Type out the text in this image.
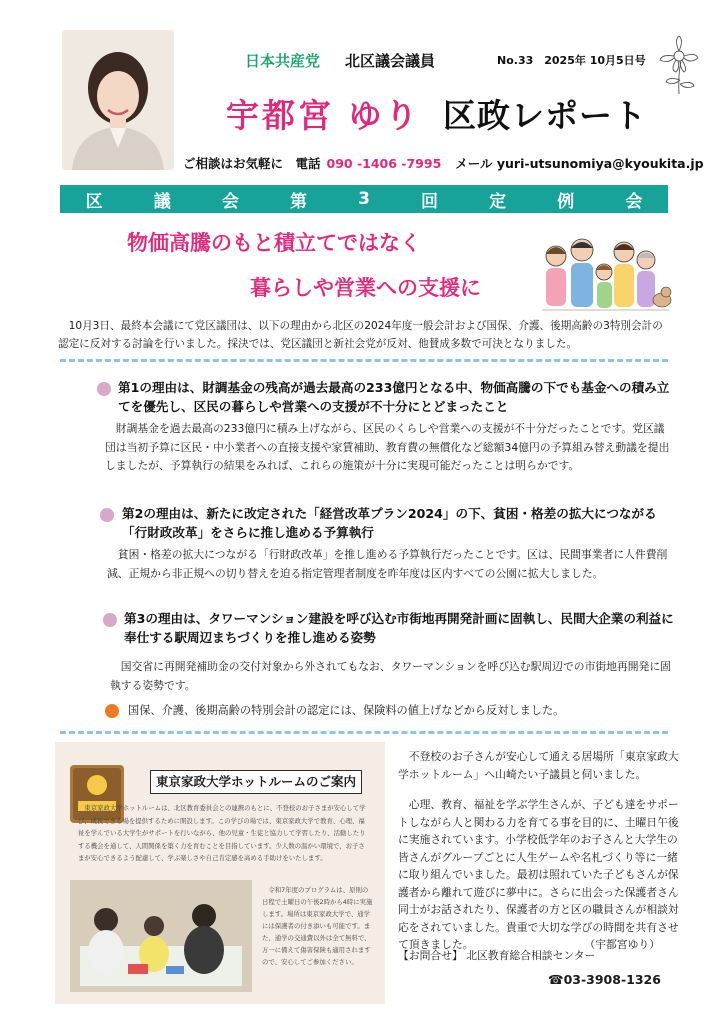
日本共産党 北区議会議員	No.33　2025年 10月5日号
宇都宮 ゆり 区政レポート
ご相談はお気軽に　電話 090 -1406 -7995 メール yuri-utsunomiya@kyoukita.jp
区	議	会	第	3	回	定	例	会
物価高騰のもと積立てではなく
暮らしや営業への支援に
10月3日、最終本会議にて党区議団は、以下の理由から北区の2024年度一般会計および国保、介護、後期高齢の3特別会計の認定に反対する討論を行いました。採決では、党区議団と新社会党が反対、他賛成多数で可決となりました。
第1の理由は、財調基金の残高が過去最高の233億円となる中、物価高騰の下でも基金への積み立てを優先し、区民の暮らしや営業への支援が不十分にとどまったこと
財調基金を過去最高の233億円に積み上げながら、区民のくらしや営業への支援が不十分だったことです。党区議団は当初予算に区民・中小業者への直接支援や家賃補助、教育費の無償化など総額34億円の予算組み替え動議を提出しましたが、予算執行の結果をみれば、これらの施策が十分に実現可能だったことは明らかです。
第2の理由は、新たに改定された「経営改革プラン2024」の下、貧困・格差の拡大につながる「行財政改革」をさらに推し進める予算執行
貧困・格差の拡大につながる「行財政改革」を推し進める予算執行だったことです。区は、民間事業者に人件費削減、正規から非正規への切り替えを迫る指定管理者制度を昨年度は区内すべての公園に拡大しました。
第3の理由は、タワーマンション建設を呼び込む市街地再開発計画に固執し、民間大企業の利益に奉仕する駅周辺まちづくりを推し進める姿勢
国交省に再開発補助金の交付対象から外されてもなお、タワーマンションを呼び込む駅周辺での市街地再開発に固執する姿勢です。
国保、介護、後期高齢の特別会計の認定には、保険料の値上げなどから反対しました。
東京家政大学ホットルームのご案内
東京家政大学ホットルームは、北区教育委員会との連携のもとに、不登校のお子さまが安心して学び、成長できる場を提供するために開設します。この学びの場では、東京家政大学で教育、心理、福祉を学んでいる大学生がサポートを行いながら、他の児童・生徒と協力して学習したり、活動したりする機会を通して、人間関係を築く力を育むことを目指しています。少人数の温かい環境で、お子さまが安心できるよう配慮して、学ぶ楽しさや自己肯定感を高める手助けをいたします。
令和7年度のプログラムは、原則の日程で土曜日の午後2時から4時に実施します。場所は東京家政大学で、通学には保護者の付き添いも可能です。また、通学の交通費以外は全て無料で、万一に備えて傷害保険も適用されますので、安心してご参加ください。
不登校のお子さんが安心して通える居場所「東京家政大学ホットルーム」へ山崎たい子議員と伺いました。
心理、教育、福祉を学ぶ学生さんが、子ども達をサポートしながら人と関わる力を育てる事を目的に、土曜日午後に実施されています。小学校低学年のお子さんと大学生の皆さんがグループごとに人生ゲームや名札づくり等に一緒に取り組んでいました。最初は照れていた子どもさんが保護者から離れて遊びに夢中に。さらに出会った保護者さん同士がお話されたり、保護者の方と区の職員さんが相談対応をされていました。貴重で大切な学びの時間を共有させて頂きました。	（宇都宮ゆり）
【お問合せ】 北区教育総合相談センター
☎03-3908-1326
